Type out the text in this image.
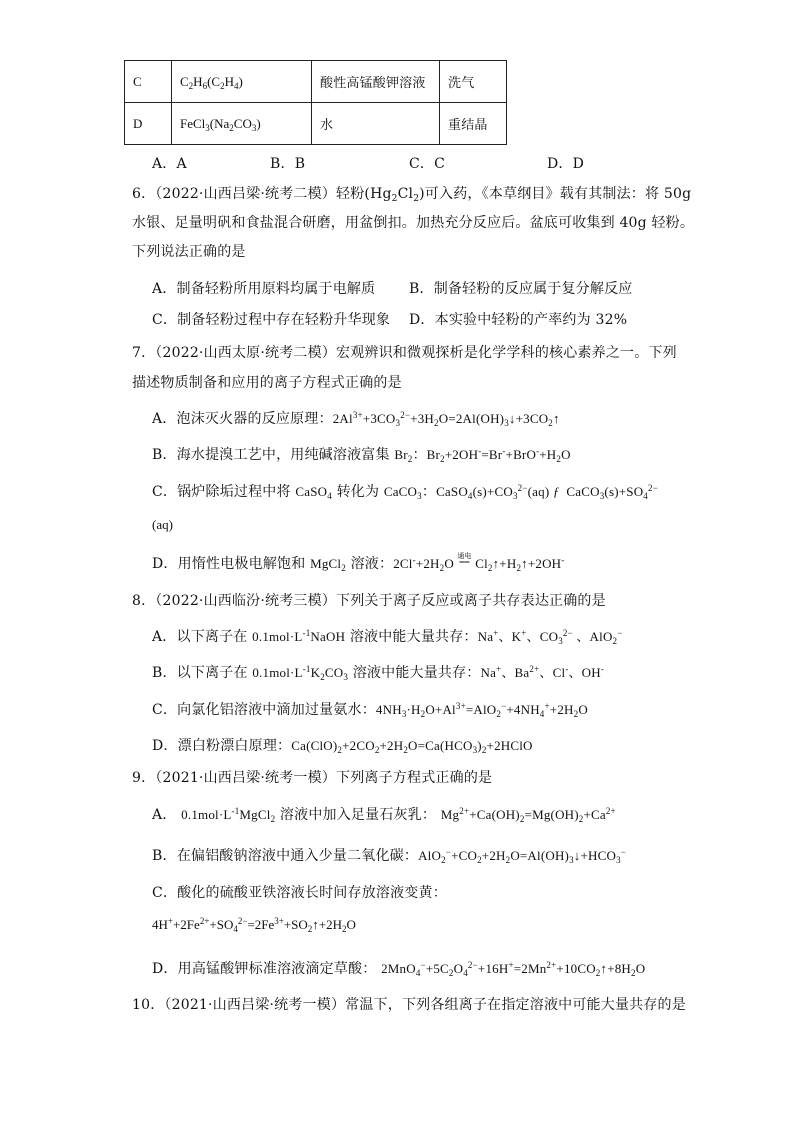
C	$C_2H_6(C_2H_4)$	酸性高锰酸钾溶液	洗气
D	$FeCl_3(Na_2CO_3)$	水	重结晶
A．A	B．B	C．C	D．D
6．（2022·山西吕梁·统考二模）轻粉$(Hg_2Cl_2)$可入药，《本草纲目》载有其制法：将 50g
水银、足量明矾和食盐混合研磨，用盆倒扣。加热充分反应后。盆底可收集到 40g 轻粉。
下列说法正确的是
A．制备轻粉所用原料均属于电解质 B．制备轻粉的反应属于复分解反应
C．制备轻粉过程中存在轻粉升华现象 D．本实验中轻粉的产率约为 32%
7．（2022·山西太原·统考二模）宏观辨识和微观探析是化学学科的核心素养之一。下列
描述物质制备和应用的离子方程式正确的是
A．泡沫灭火器的反应原理：$2Al^{3+}+3CO_3^{2-}+3H_2O=2Al(OH)_3↓+3CO_2↑$
B．海水提溴工艺中，用纯碱溶液富集 $Br_2$：$Br_2+2OH^-=Br^-+BrO^-+H_2O$
C．锅炉除垢过程中将 CaSO$_4$ 转化为 CaCO$_3$：$CaSO_4(s)+CO_3^{2-}(aq)$ ƒ  $CaCO_3(s)+SO_4^{2-}$
(aq)
D．用惰性电极电解饱和 MgCl$_2$ 溶液：$2Cl^-+2H_2O$ 通电
══ $Cl_2↑+H_2↑+2OH^-$
8．（2022·山西临汾·统考三模）下列关于离子反应或离子共存表达正确的是
A．以下离子在 $0.1mol\cdot L^{-1}NaOH$ 溶液中能大量共存：Na+、K+、$CO_3^{2-}$ 、AlO$_2$−
B．以下离子在 $0.1mol\cdot L^{-1}K_2CO_3$ 溶液中能大量共存：Na+、$Ba^{2+}$、Cl-、OH-
C．向氯化铝溶液中滴加过量氨水：$4NH_3\cdot H_2O+Al^{3+}=AlO_2^-+4NH_4^++2H_2O$
D．漂白粉漂白原理：$Ca(ClO)_2+2CO_2+2H_2O=Ca(HCO_3)_2+2HClO$
9．（2021·山西吕梁·统考一模）下列离子方程式正确的是
A． $0.1mol\cdot L^{-1}MgCl_2$ 溶液中加入足量石灰乳： $Mg^{2+}+Ca(OH)_2=Mg(OH)_2+Ca^{2+}$
B．在偏铝酸钠溶液中通入少量二氧化碳：$AlO_2^-+CO_2+2H_2O=Al(OH)_3↓+HCO_3^-$
C．酸化的硫酸亚铁溶液长时间存放溶液变黄：
$4H^++2Fe^{2+}+SO_4^{2-}=2Fe^{3+}+SO_2↑+2H_2O$
D．用高锰酸钾标准溶液滴定草酸： $2MnO_4^-+5C_2O_4^{2-}+16H^+=2Mn^{2+}+10CO_2↑+8H_2O$
10．（2021·山西吕梁·统考一模）常温下，下列各组离子在指定溶液中可能大量共存的是
